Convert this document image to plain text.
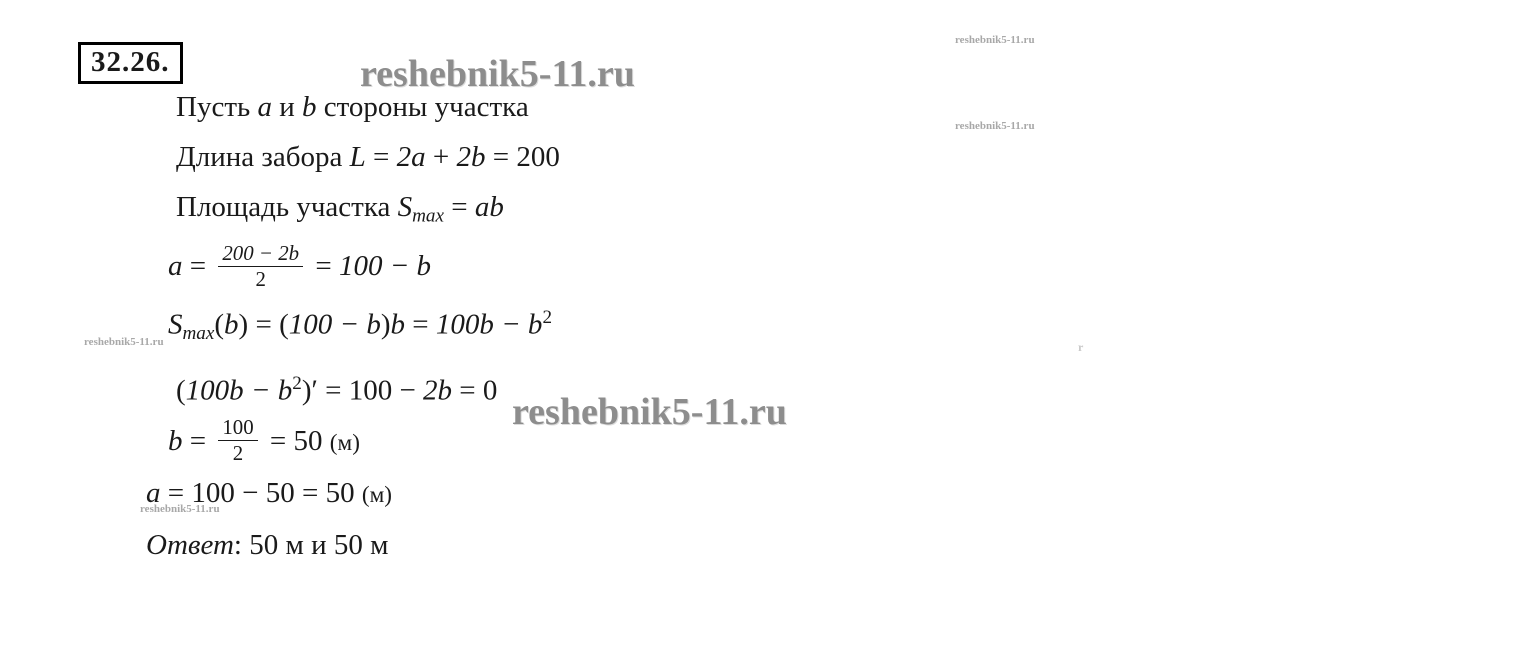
32.26.	reshebnik5-11.ru
reshebnik5-11.ru
reshebnik5-11.ru
reshebnik5-11.ru
reshebnik5-11.ru
reshebnik5-11.ru
r
Пусть a и b стороны участка
Длина забора L = 2a + 2b = 200
Площадь участка $S_{max}$ = ab
$a = \frac{200 - 2b}{2} = 100 - b$
$S_{max}(b) = (100 - b)b = 100b - b^2$
$(100b - b^2)' = 100 - 2b = 0$
$b = \frac{100}{2} = 50$ (м)
a = 100 − 50 = 50 (м)
Ответ: 50 м и 50 м
